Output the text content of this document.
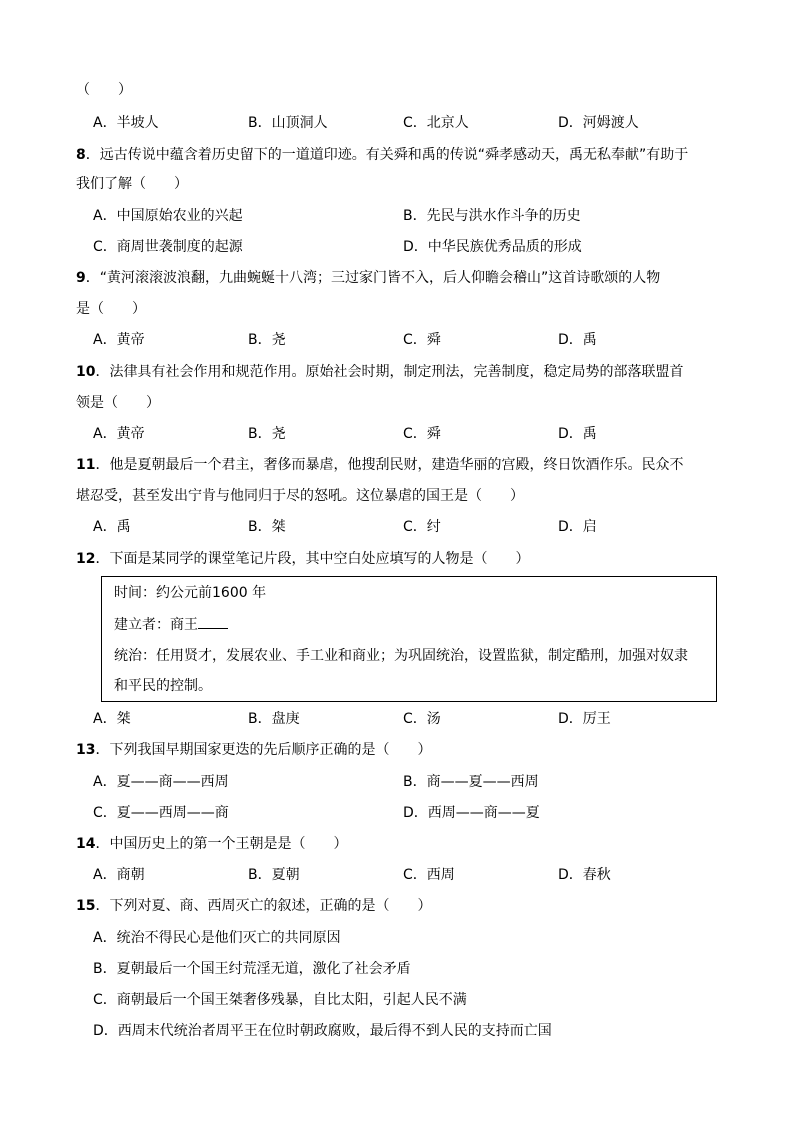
（　　）
A．半坡人	B．山顶洞人	C．北京人	D．河姆渡人
8．远古传说中蕴含着历史留下的一道道印迹。有关舜和禹的传说“舜孝感动天，禹无私奉献”有助于
我们了解（　　）
A．中国原始农业的兴起	B．先民与洪水作斗争的历史
C．商周世袭制度的起源	D．中华民族优秀品质的形成
9．“黄河滚滚波浪翻，九曲蜿蜒十八湾；三过家门皆不入，后人仰瞻会稽山”这首诗歌颂的人物
是（　　）
A．黄帝	B．尧	C．舜	D．禹
10．法律具有社会作用和规范作用。原始社会时期，制定刑法，完善制度，稳定局势的部落联盟首
领是（　　）
A．黄帝	B．尧	C．舜	D．禹
11．他是夏朝最后一个君主，奢侈而暴虐，他搜刮民财，建造华丽的宫殿，终日饮酒作乐。民众不
堪忍受，甚至发出宁肯与他同归于尽的怒吼。这位暴虐的国王是（　　）
A．禹	B．桀	C．纣	D．启
12．下面是某同学的课堂笔记片段，其中空白处应填写的人物是（　　）
时间：约公元前1600 年
建立者：商王
统治：任用贤才，发展农业、手工业和商业；为巩固统治，设置监狱，制定酷刑，加强对奴隶
和平民的控制。
A．桀	B．盘庚	C．汤	D．厉王
13．下列我国早期国家更迭的先后顺序正确的是（　　）
A．夏——商——西周	B．商——夏——西周
C．夏——西周——商	D．西周——商——夏
14．中国历史上的第一个王朝是是（　　）
A．商朝	B．夏朝	C．西周	D．春秋
15．下列对夏、商、西周灭亡的叙述，正确的是（　　）
A．统治不得民心是他们灭亡的共同原因
B．夏朝最后一个国王纣荒淫无道，激化了社会矛盾
C．商朝最后一个国王桀奢侈残暴，自比太阳，引起人民不满
D．西周末代统治者周平王在位时朝政腐败，最后得不到人民的支持而亡国
